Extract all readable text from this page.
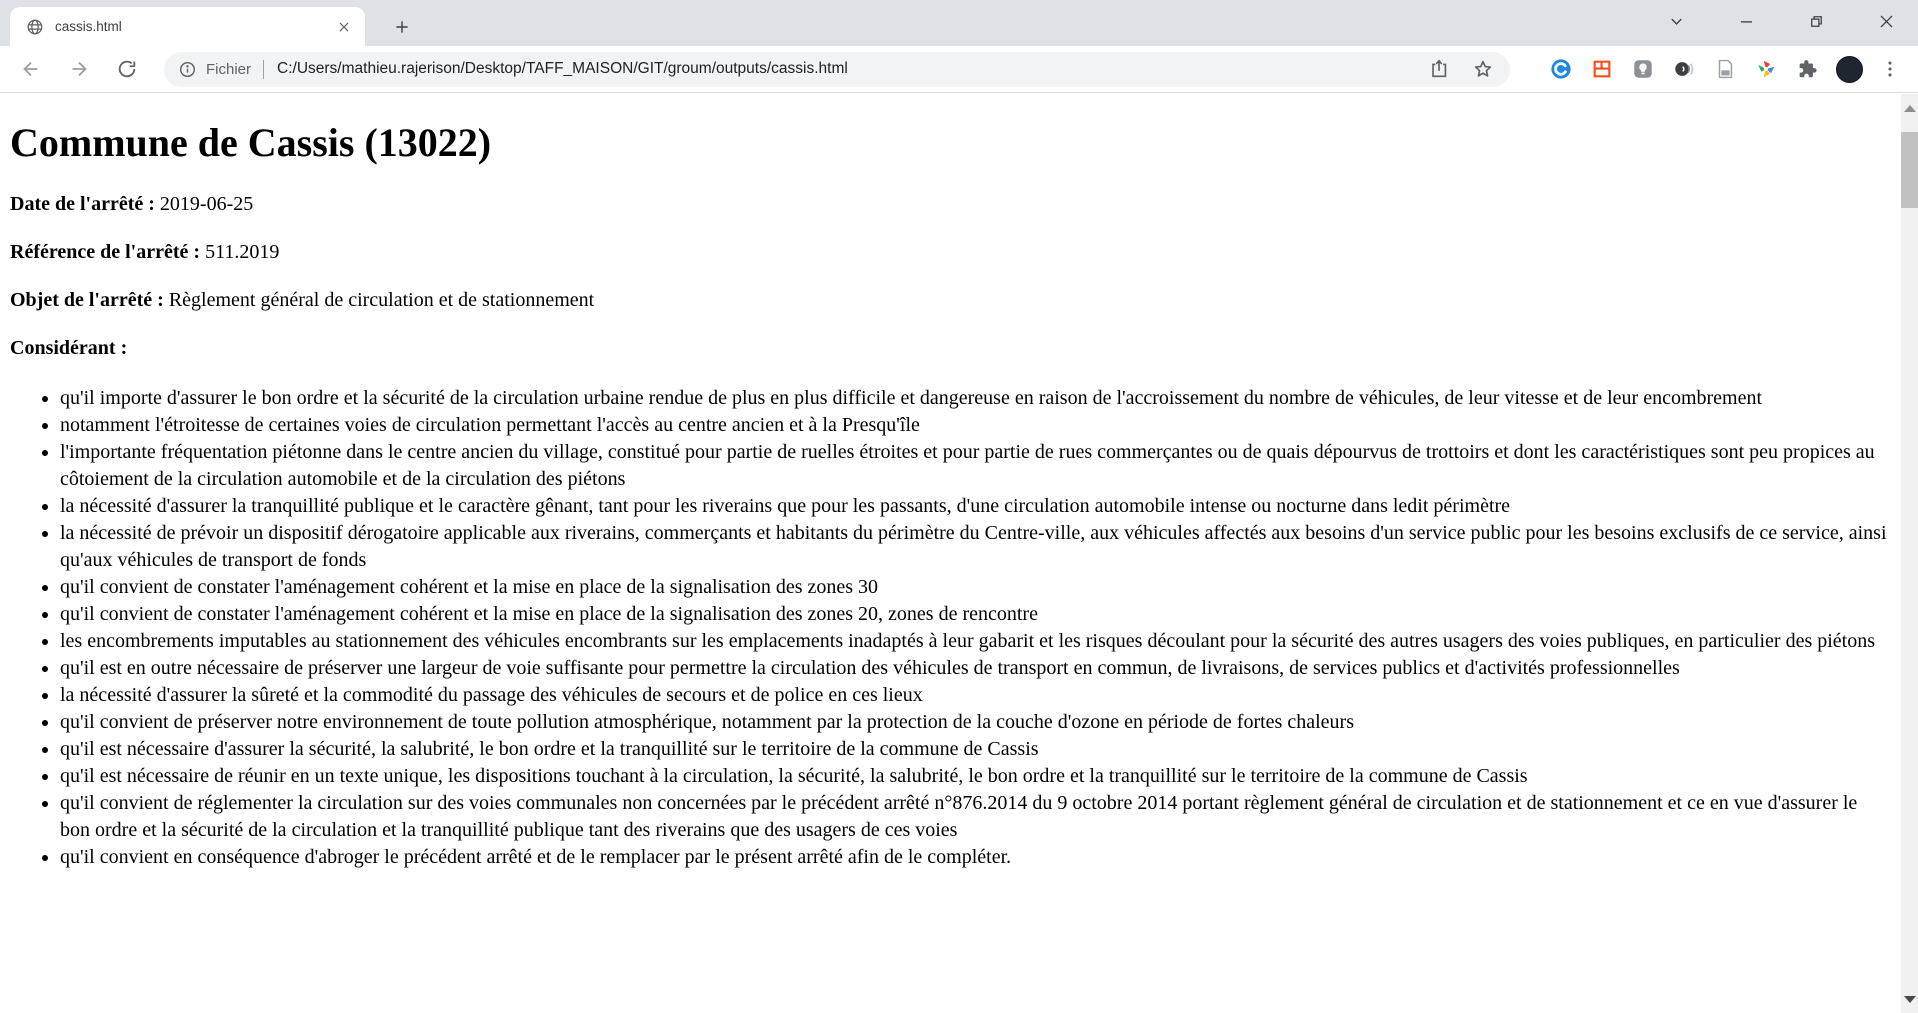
cassis.html
Fichier C:/Users/mathieu.rajerison/Desktop/TAFF_MAISON/GIT/groum/outputs/cassis.html
Commune de Cassis (13022)

Date de l'arrêté : 2019-06-25

Référence de l'arrêté : 511.2019

Objet de l'arrêté : Règlement général de circulation et de stationnement

Considérant :

• qu'il importe d'assurer le bon ordre et la sécurité de la circulation urbaine rendue de plus en plus difficile et dangereuse en raison de l'accroissement du nombre de véhicules, de leur vitesse et de leur encombrement
• notamment l'étroitesse de certaines voies de circulation permettant l'accès au centre ancien et à la Presqu'île
• l'importante fréquentation piétonne dans le centre ancien du village, constitué pour partie de ruelles étroites et pour partie de rues commerçantes ou de quais dépourvus de trottoirs et dont les caractéristiques sont peu propices au côtoiement de la circulation automobile et de la circulation des piétons
• la nécessité d'assurer la tranquillité publique et le caractère gênant, tant pour les riverains que pour les passants, d'une circulation automobile intense ou nocturne dans ledit périmètre
• la nécessité de prévoir un dispositif dérogatoire applicable aux riverains, commerçants et habitants du périmètre du Centre-ville, aux véhicules affectés aux besoins d'un service public pour les besoins exclusifs de ce service, ainsi qu'aux véhicules de transport de fonds
• qu'il convient de constater l'aménagement cohérent et la mise en place de la signalisation des zones 30
• qu'il convient de constater l'aménagement cohérent et la mise en place de la signalisation des zones 20, zones de rencontre
• les encombrements imputables au stationnement des véhicules encombrants sur les emplacements inadaptés à leur gabarit et les risques découlant pour la sécurité des autres usagers des voies publiques, en particulier des piétons
• qu'il est en outre nécessaire de préserver une largeur de voie suffisante pour permettre la circulation des véhicules de transport en commun, de livraisons, de services publics et d'activités professionnelles
• la nécessité d'assurer la sûreté et la commodité du passage des véhicules de secours et de police en ces lieux
• qu'il convient de préserver notre environnement de toute pollution atmosphérique, notamment par la protection de la couche d'ozone en période de fortes chaleurs
• qu'il est nécessaire d'assurer la sécurité, la salubrité, le bon ordre et la tranquillité sur le territoire de la commune de Cassis
• qu'il est nécessaire de réunir en un texte unique, les dispositions touchant à la circulation, la sécurité, la salubrité, le bon ordre et la tranquillité sur le territoire de la commune de Cassis
• qu'il convient de réglementer la circulation sur des voies communales non concernées par le précédent arrêté n°876.2014 du 9 octobre 2014 portant règlement général de circulation et de stationnement et ce en vue d'assurer le bon ordre et la sécurité de la circulation et la tranquillité publique tant des riverains que des usagers de ces voies
• qu'il convient en conséquence d'abroger le précédent arrêté et de le remplacer par le présent arrêté afin de le compléter.
